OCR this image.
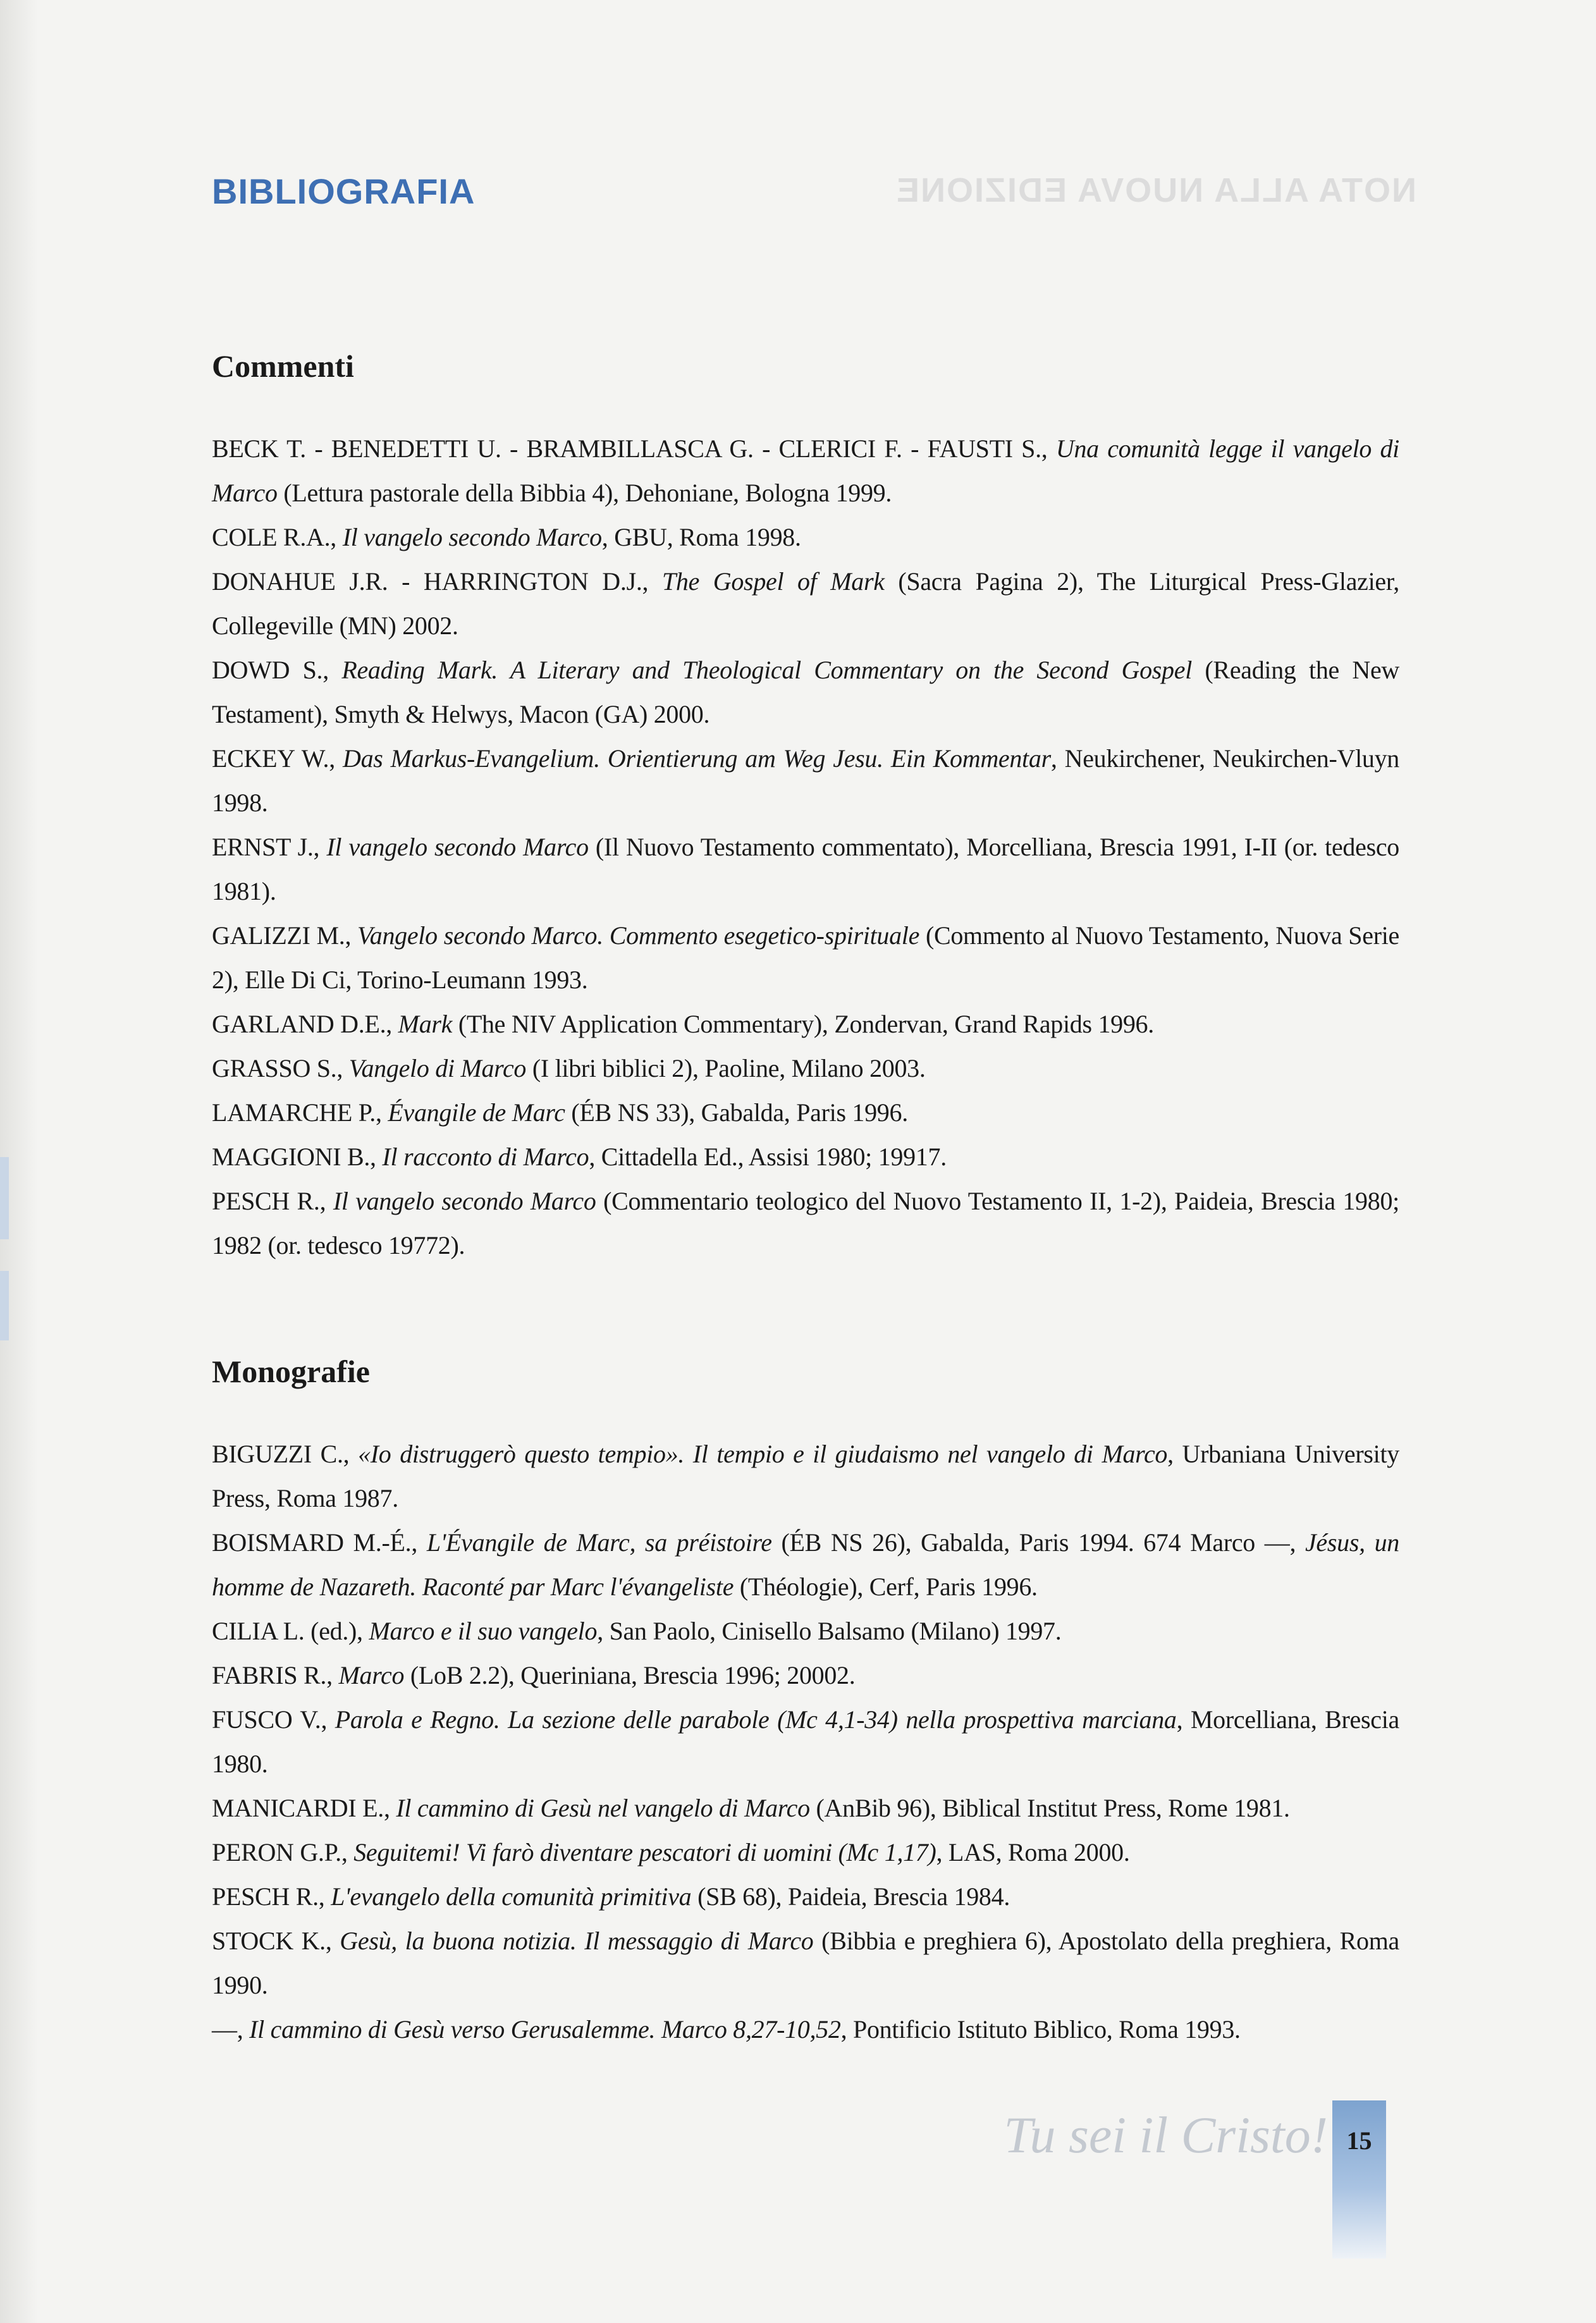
NOTA ALLA NUOVA EDIZIONE
BIBLIOGRAFIA
Commenti
BECK T. - BENEDETTI U. - BRAMBILLASCA G. - CLERICI F. - FAUSTI S., Una comunità legge il vangelo di Marco (Lettura pastorale della Bibbia 4), Dehoniane, Bologna 1999.
COLE R.A., Il vangelo secondo Marco, GBU, Roma 1998.
DONAHUE J.R. - HARRINGTON D.J., The Gospel of Mark (Sacra Pagina 2), The Liturgical Press-Glazier, Collegeville (MN) 2002.
DOWD S., Reading Mark. A Literary and Theological Commentary on the Second Gospel (Reading the New Testament), Smyth & Helwys, Macon (GA) 2000.
ECKEY W., Das Markus-Evangelium. Orientierung am Weg Jesu. Ein Kommentar, Neukirchener, Neukirchen-Vluyn 1998.
ERNST J., Il vangelo secondo Marco (Il Nuovo Testamento commentato), Morcelliana, Brescia 1991, I-II (or. tedesco 1981).
GALIZZI M., Vangelo secondo Marco. Commento esegetico-spirituale (Commento al Nuovo Testamento, Nuova Serie 2), Elle Di Ci, Torino-Leumann 1993.
GARLAND D.E., Mark (The NIV Application Commentary), Zondervan, Grand Rapids 1996.
GRASSO S., Vangelo di Marco (I libri biblici 2), Paoline, Milano 2003.
LAMARCHE P., Évangile de Marc (ÉB NS 33), Gabalda, Paris 1996.
MAGGIONI B., Il racconto di Marco, Cittadella Ed., Assisi 1980; 19917.
PESCH R., Il vangelo secondo Marco (Commentario teologico del Nuovo Testamento II, 1-2), Paideia, Brescia 1980; 1982 (or. tedesco 19772).
Monografie
BIGUZZI C., «Io distruggerò questo tempio». Il tempio e il giudaismo nel vangelo di Marco, Urbaniana University Press, Roma 1987.
BOISMARD M.-É., L'Évangile de Marc, sa préistoire (ÉB NS 26), Gabalda, Paris 1994. 674 Marco —, Jésus, un homme de Nazareth. Raconté par Marc l'évangeliste (Théologie), Cerf, Paris 1996.
CILIA L. (ed.), Marco e il suo vangelo, San Paolo, Cinisello Balsamo (Milano) 1997.
FABRIS R., Marco (LoB 2.2), Queriniana, Brescia 1996; 20002.
FUSCO V., Parola e Regno. La sezione delle parabole (Mc 4,1-34) nella prospettiva marciana, Morcelliana, Brescia 1980.
MANICARDI E., Il cammino di Gesù nel vangelo di Marco (AnBib 96), Biblical Institut Press, Rome 1981.
PERON G.P., Seguitemi! Vi farò diventare pescatori di uomini (Mc 1,17), LAS, Roma 2000.
PESCH R., L'evangelo della comunità primitiva (SB 68), Paideia, Brescia 1984.
STOCK K., Gesù, la buona notizia. Il messaggio di Marco (Bibbia e preghiera 6), Apostolato della preghiera, Roma 1990.
—, Il cammino di Gesù verso Gerusalemme. Marco 8,27-10,52, Pontificio Istituto Biblico, Roma 1993.
Tu sei il Cristo! 15
